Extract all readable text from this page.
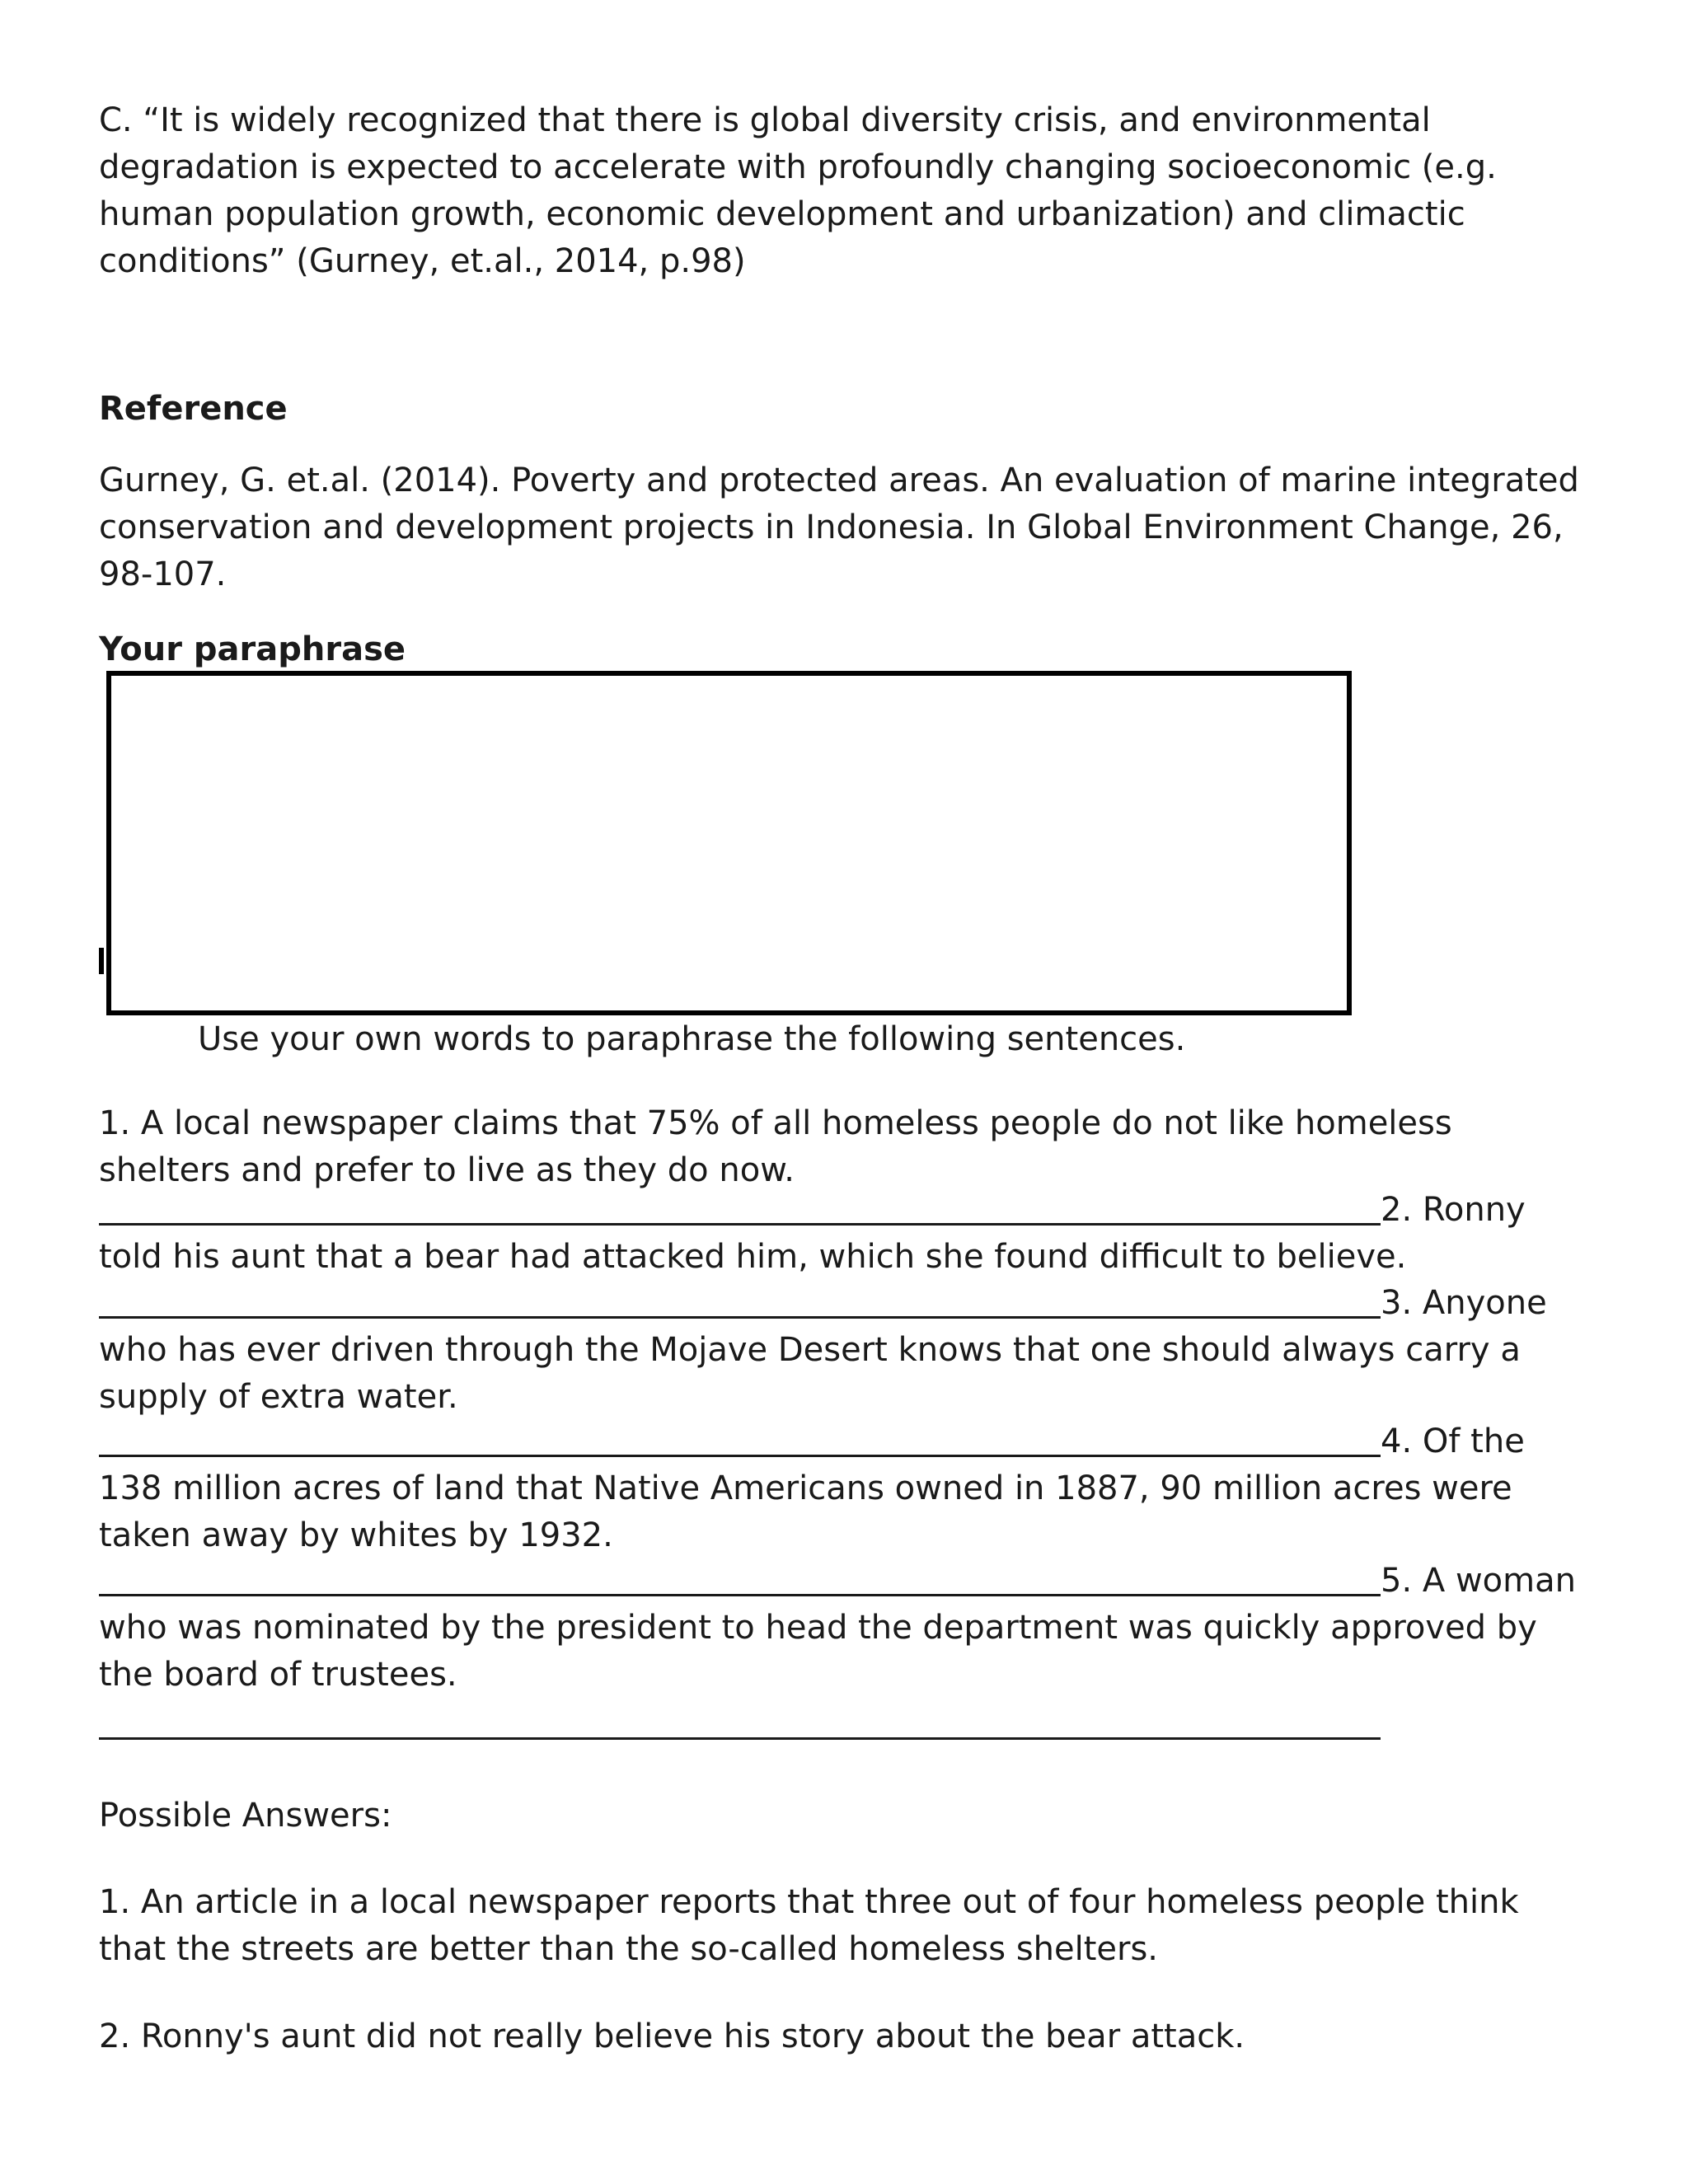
C. “It is widely recognized that there is global diversity crisis, and environmental degradation is expected to accelerate with profoundly changing socioeconomic (e.g. human population growth, economic development and urbanization) and climactic conditions” (Gurney, et.al., 2014, p.98)

Reference

Gurney, G. et.al. (2014). Poverty and protected areas. An evaluation of marine integrated conservation and development projects in Indonesia. In Global Environment Change, 26, 98-107.

Your paraphrase

Use your own words to paraphrase the following sentences.

1. A local newspaper claims that 75% of all homeless people do not like homeless shelters and prefer to live as they do now.

2. Ronny

told his aunt that a bear had attacked him, which she found difficult to believe.

3. Anyone

who has ever driven through the Mojave Desert knows that one should always carry a supply of extra water.

4. Of the

138 million acres of land that Native Americans owned in 1887, 90 million acres were taken away by whites by 1932.

5. A woman

who was nominated by the president to head the department was quickly approved by the board of trustees.

Possible Answers:

1. An article in a local newspaper reports that three out of four homeless people think that the streets are better than the so-called homeless shelters.

2. Ronny's aunt did not really believe his story about the bear attack.
